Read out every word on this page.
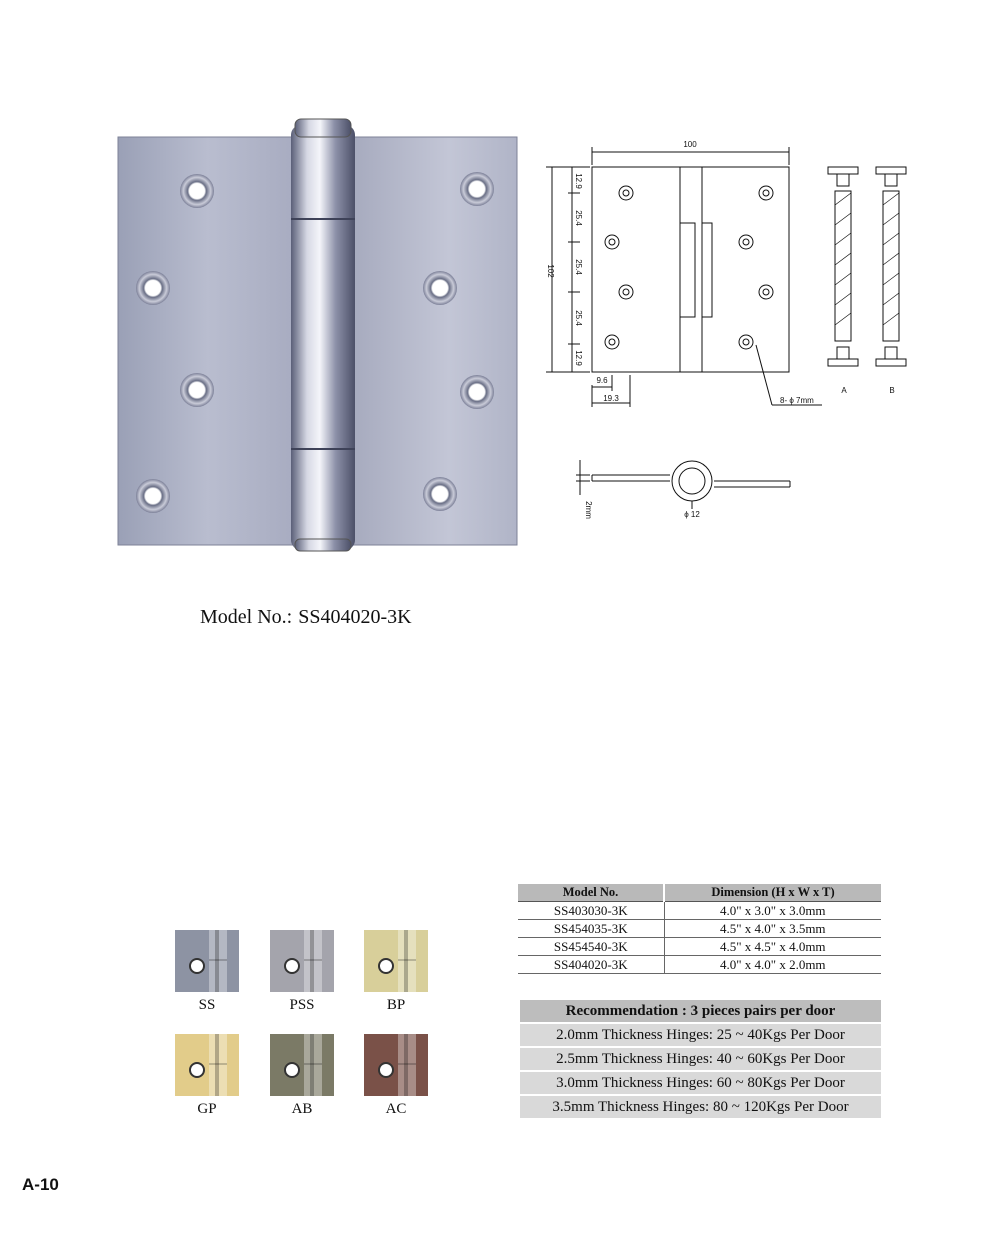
100
102
12.9
25.4
25.4
25.4
12.9
9.6
19.3	8- ϕ 7mm
A	B
2mm	ϕ 12
Model No.: SS404020-3K
SS	PSS	BP
GP	AB	AC
Model No.	Dimension (H x W x T)
SS403030-3K	4.0" x 3.0" x 3.0mm
SS454035-3K	4.5" x 4.0" x 3.5mm
SS454540-3K	4.5" x 4.5" x 4.0mm
SS404020-3K	4.0" x 4.0" x 2.0mm
Recommendation : 3 pieces pairs per door
2.0mm Thickness Hinges: 25 ~ 40Kgs Per Door
2.5mm Thickness Hinges: 40 ~ 60Kgs Per Door
3.0mm Thickness Hinges: 60 ~ 80Kgs Per Door
3.5mm Thickness Hinges: 80 ~ 120Kgs Per Door
A-10
